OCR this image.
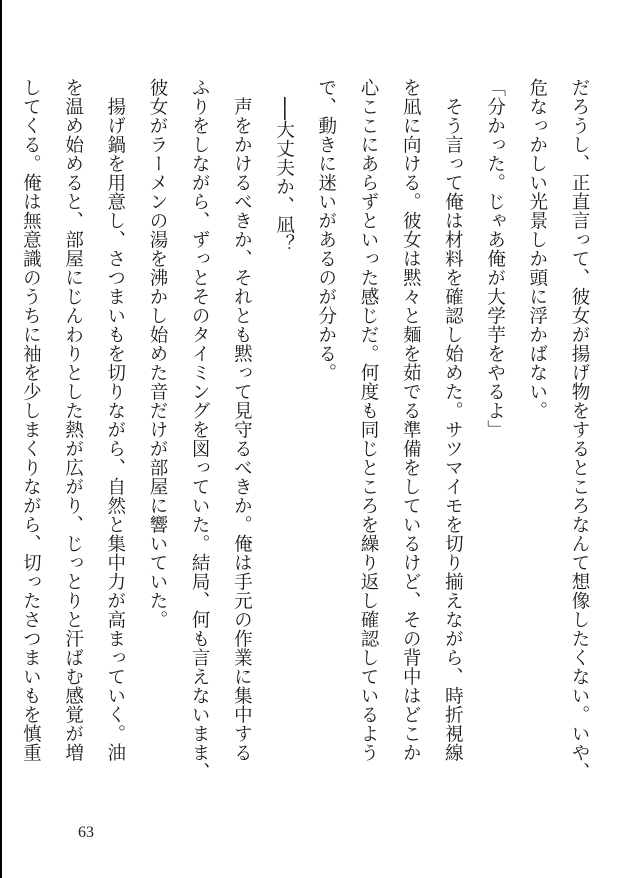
だろうし、正直言って、彼女が揚げ物をするところなんて想像したくない。いや、

危なっかしい光景しか頭に浮かばない。

「分かった。じゃあ俺が大学芋をやるよ」

　そう言って俺は材料を確認し始めた。サツマイモを切り揃えながら、時折視線

を凪に向ける。彼女は黙々と麺を茹でる準備をしているけど、その背中はどこか

心ここにあらずといった感じだ。何度も同じところを繰り返し確認しているよう

で、動きに迷いがあるのが分かる。

　──大丈夫か、凪？

　声をかけるべきか、それとも黙って見守るべきか。俺は手元の作業に集中する

ふりをしながら、ずっとそのタイミングを図っていた。結局、何も言えないまま、

彼女がラーメンの湯を沸かし始めた音だけが部屋に響いていた。

　揚げ鍋を用意し、さつまいもを切りながら、自然と集中力が高まっていく。油

を温め始めると、部屋にじんわりとした熱が広がり、じっとりと汗ばむ感覚が増

してくる。俺は無意識のうちに袖を少しまくりながら、切ったさつまいもを慎重

63
